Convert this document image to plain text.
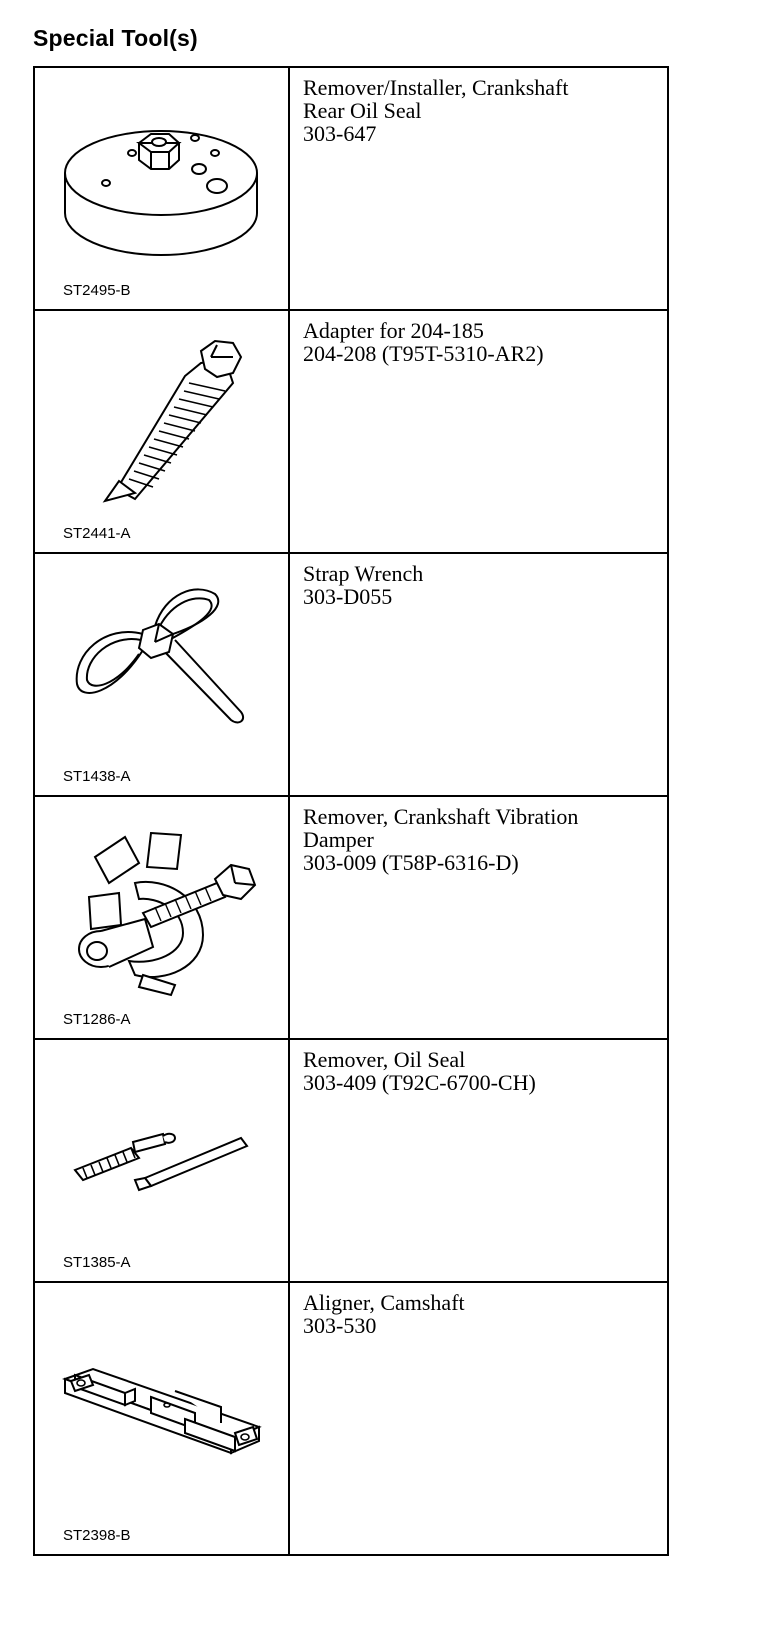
Special Tool(s)
ST2495-B
Remover/Installer, Crankshaft
Rear Oil Seal
303-647
ST2441-A
Adapter for 204-185
204-208 (T95T-5310-AR2)
ST1438-A
Strap Wrench
303-D055
ST1286-A
Remover, Crankshaft Vibration
Damper
303-009 (T58P-6316-D)
ST1385-A
Remover, Oil Seal
303-409 (T92C-6700-CH)
ST2398-B
Aligner, Camshaft
303-530
